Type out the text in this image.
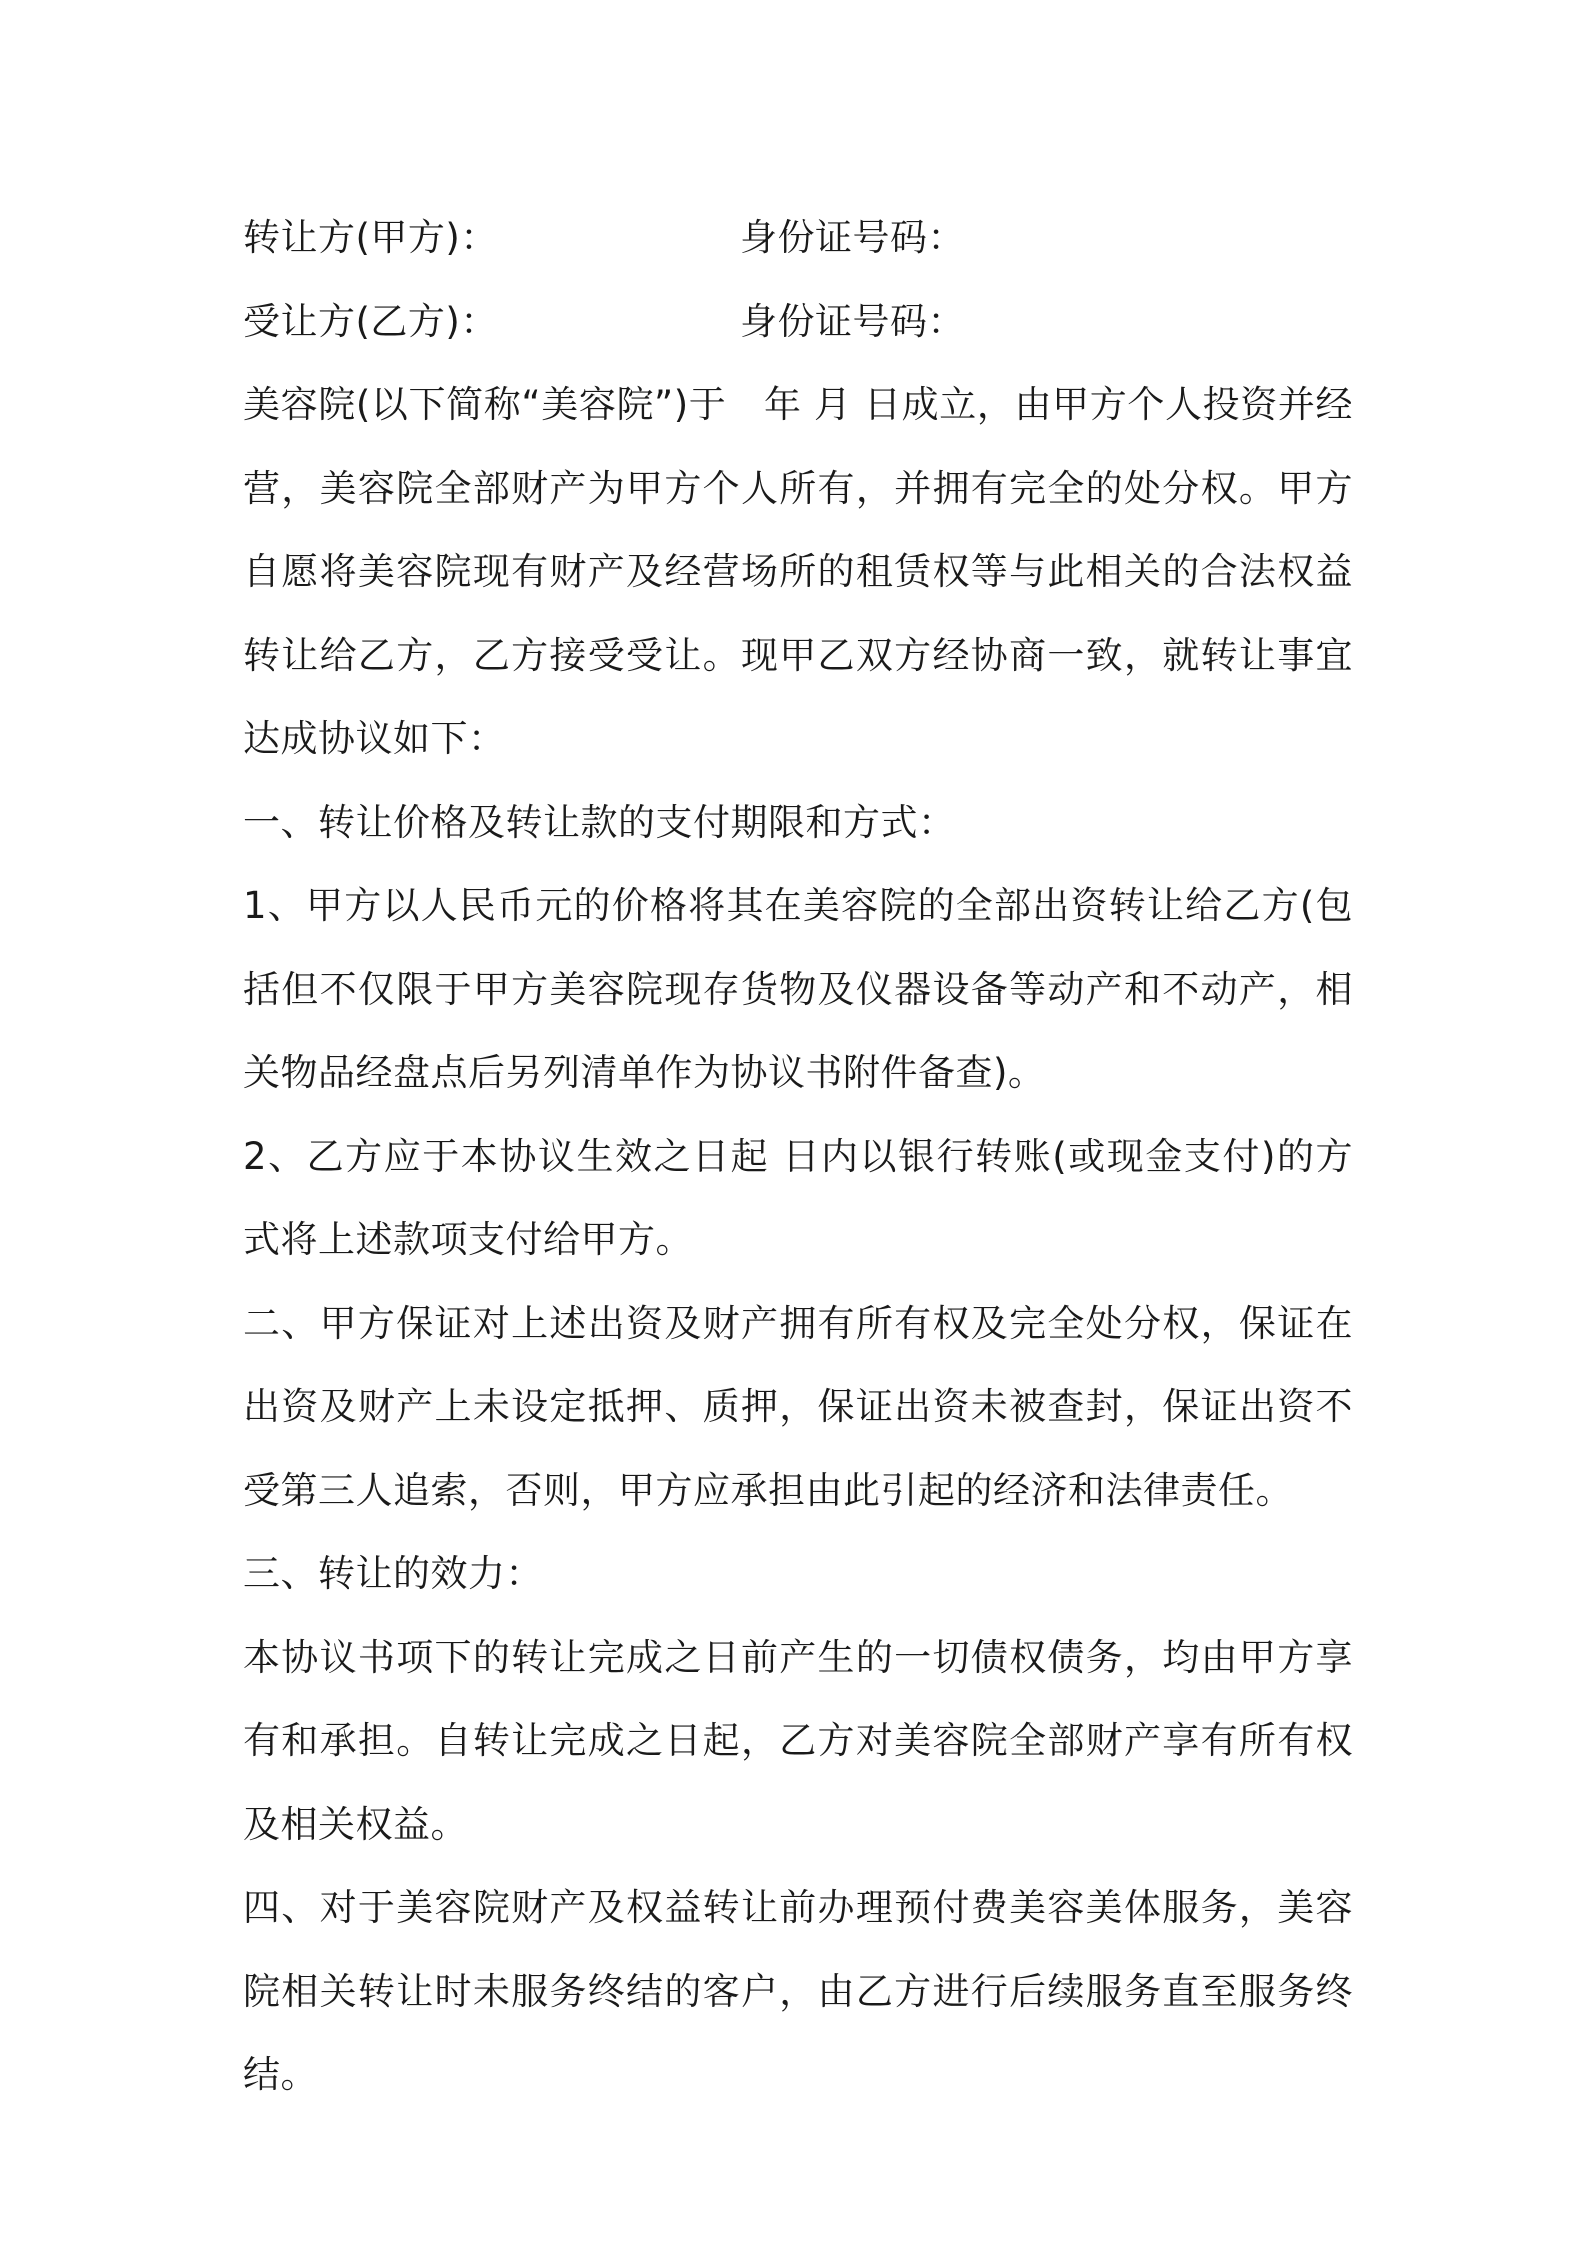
转让方(甲方)：	身份证号码：
受让方(乙方)：	身份证号码：

美容院(以下简称“美容院”)于　年 月 日成立，由甲方个人投资并经营，美容院全部财产为甲方个人所有，并拥有完全的处分权。甲方自愿将美容院现有财产及经营场所的租赁权等与此相关的合法权益转让给乙方，乙方接受受让。现甲乙双方经协商一致，就转让事宜达成协议如下：

一、转让价格及转让款的支付期限和方式：

1、甲方以人民币元的价格将其在美容院的全部出资转让给乙方(包括但不仅限于甲方美容院现存货物及仪器设备等动产和不动产，相关物品经盘点后另列清单作为协议书附件备查)。

2、乙方应于本协议生效之日起 日内以银行转账(或现金支付)的方式将上述款项支付给甲方。

二、甲方保证对上述出资及财产拥有所有权及完全处分权，保证在出资及财产上未设定抵押、质押，保证出资未被查封，保证出资不受第三人追索，否则，甲方应承担由此引起的经济和法律责任。

三、转让的效力：

本协议书项下的转让完成之日前产生的一切债权债务，均由甲方享有和承担。自转让完成之日起，乙方对美容院全部财产享有所有权及相关权益。

四、对于美容院财产及权益转让前办理预付费美容美体服务，美容院相关转让时未服务终结的客户，由乙方进行后续服务直至服务终结。
